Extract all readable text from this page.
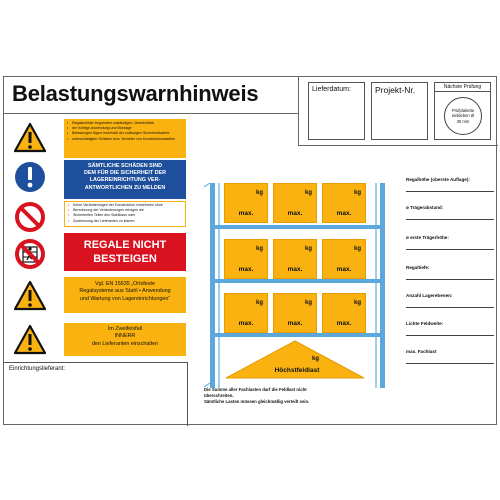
Belastungswarnhinweis	Lieferdatum:	Projekt-Nr.	Nächste Prüfung
Prüfplakette einkleben Ø 30 mm
• Regalschilder begründen zuständigen, übersichtlich
• der richtige Anwendung und Montage
• Belastungen fügen innerhalb der zulässigen Sicherheitswerte
• unbeschädigten Schilden bzw. Vertreter von Konstruktionsstellen
SÄMTLICHE SCHÄDEN SIND
DEM FÜR DIE SICHERHEIT DER
LAGEREINRICHTUNG VER-
ANTWORTLICHEN ZU MELDEN
• Keine Veränderungen der Konstruktion vornehmen ohne
• Berechnung der Veränderungen erfolgen die
• Sicherheiten Teilen des Stahlbaus oder
• Zustimmung der Lieferanten zu klarem
REGALE NICHT
BESTEIGEN
Vgl. EN 15635 „Ortsfeste
Regalsysteme aus Stahl • Anwendung
und Wartung von Lagereinrichtungen“
Im Zweifelsfall
INNERR
den Lieferanten einschalten
Einrichtungslieferant:
kg
max.
kg
max.
kg
max.
kg
max.
kg
max.
kg
max.
kg
max.
kg
max.
kg
max.
kg
Höchstfeldlast
Die Summe aller Fachlasten darf die Feldlast nicht
überschreiten.
Sämtliche Lasten müssen gleichmäßig verteilt sein.
Regalhöhe (oberste Auflage):
ø Trägerabstand:
ø erste Trägerhöhe:
Regaltiefe:
Anzahl Lagerebenen:
Lichte Feldweite:
max. Fachlast
